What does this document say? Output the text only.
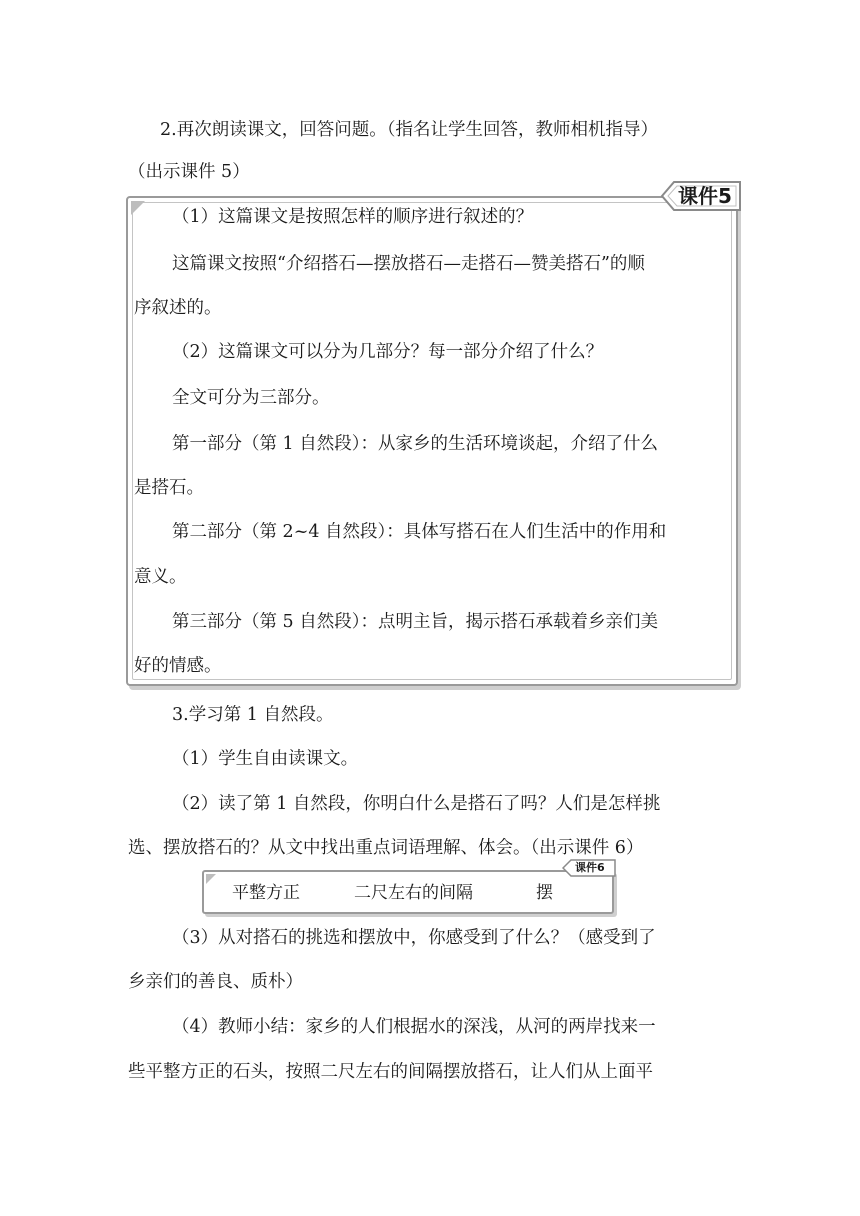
2.再次朗读课文，回答问题。（指名让学生回答，教师相机指导）
（出示课件 5）
课件5
（1）这篇课文是按照怎样的顺序进行叙述的？
这篇课文按照“介绍搭石—摆放搭石—走搭石—赞美搭石”的顺
序叙述的。
（2）这篇课文可以分为几部分？每一部分介绍了什么？
全文可分为三部分。
第一部分（第 1 自然段）：从家乡的生活环境谈起，介绍了什么
是搭石。
第二部分（第 2~4 自然段）：具体写搭石在人们生活中的作用和
意义。
第三部分（第 5 自然段）：点明主旨，揭示搭石承载着乡亲们美
好的情感。
3.学习第 1 自然段。
（1）学生自由读课文。
（2）读了第 1 自然段，你明白什么是搭石了吗？人们是怎样挑
选、摆放搭石的？从文中找出重点词语理解、体会。（出示课件 6）
课件6
平整方正	二尺左右的间隔	摆
（3）从对搭石的挑选和摆放中，你感受到了什么？（感受到了
乡亲们的善良、质朴）
（4）教师小结：家乡的人们根据水的深浅，从河的两岸找来一
些平整方正的石头，按照二尺左右的间隔摆放搭石，让人们从上面平
